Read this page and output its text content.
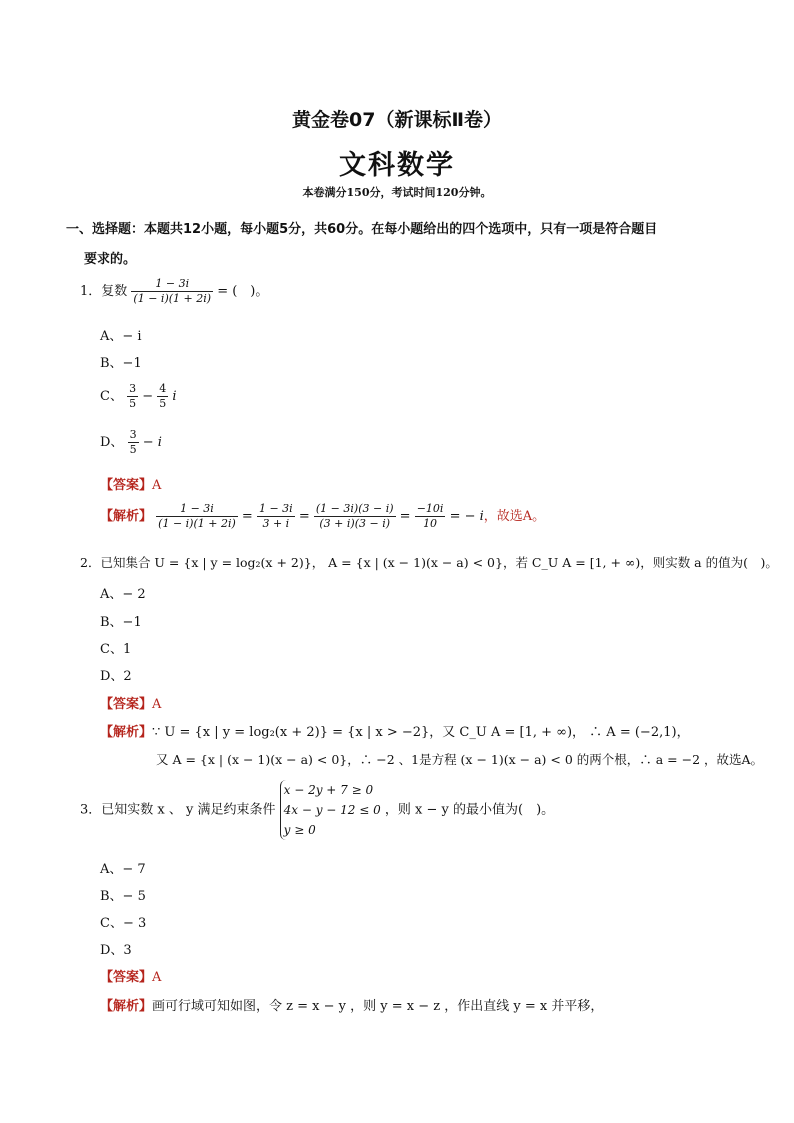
黄金卷07（新课标Ⅱ卷）
文科数学
本卷满分150分，考试时间120分钟。
一、选择题：本题共12小题，每小题5分，共60分。在每小题给出的四个选项中，只有一项是符合题目
要求的。
1．复数 $\frac{1 - 3i}{(1 - i)(1 + 2i)}$ = (　)。
A、− i
B、−1
C、 $\frac{3}{5} - \frac{4}{5}$ i
D、 $\frac{3}{5} - i$
【答案】A
【解析】 $\frac{1 - 3i}{(1 - i)(1 + 2i)} = \frac{1 - 3i}{3 + i} = \frac{(1 - 3i)(3 - i)}{(3 + i)(3 - i)} = \frac{-10i}{10}$ = − i，故选A。
2．已知集合 U = {x | y = log₂(x + 2)}， A = {x | (x − 1)(x − a) < 0}，若 C_U A = [1, + ∞)，则实数 a 的值为(　)。
A、− 2
B、−1
C、1
D、2
【答案】A
【解析】∵ U = {x | y = log₂(x + 2)} = {x | x > −2}，又 C_U A = [1, + ∞)， ∴ A = (−2,1)，
又 A = {x | (x − 1)(x − a) < 0}，∴ −2 、1是方程 (x − 1)(x − a) < 0 的两个根，∴ a = −2 ，故选A。
3．已知实数 x 、 y 满足约束条件
x − 2y + 7 ≥ 0
4x − y − 12 ≤ 0
y ≥ 0
，则 x − y 的最小值为(　)。
A、− 7
B、− 5
C、− 3
D、3
【答案】A
【解析】画可行域可知如图，令 z = x − y ，则 y = x − z ，作出直线 y = x 并平移，
